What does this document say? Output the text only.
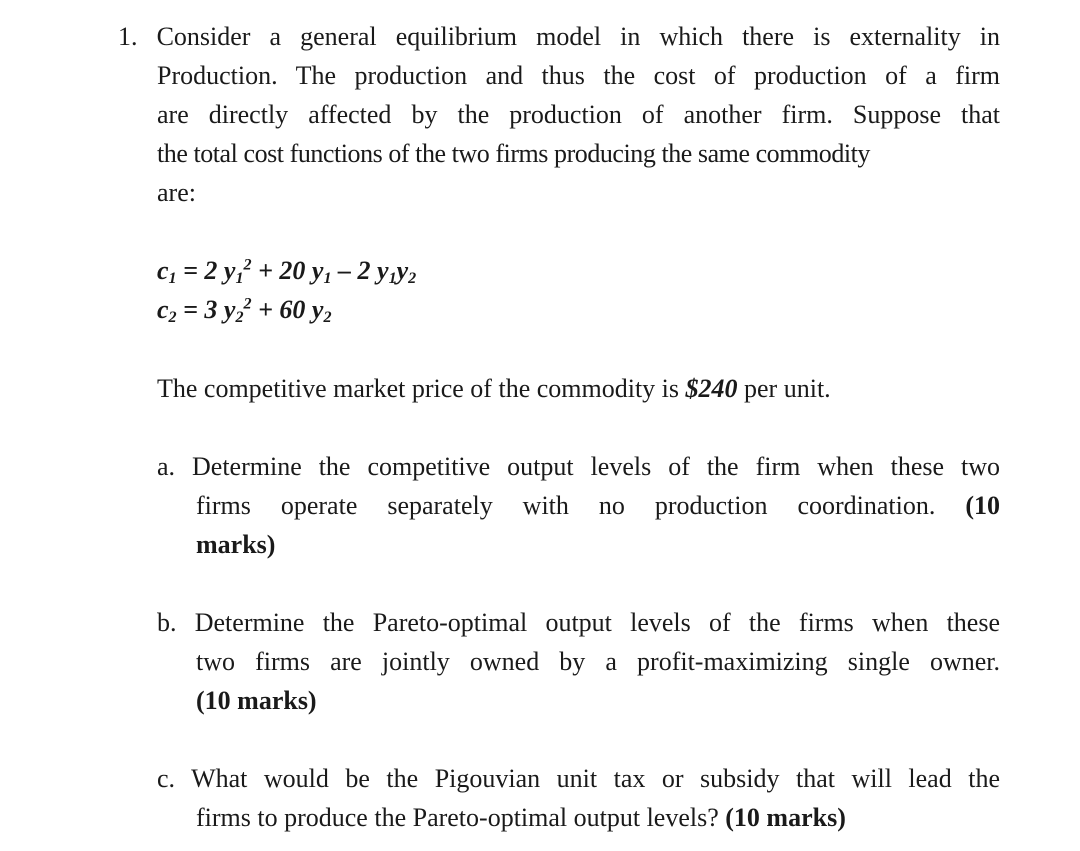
1. Consider a general equilibrium model in which there is externality in
Production. The production and thus the cost of production of a firm
are directly affected by the production of another firm. Suppose that
the total cost functions of the two firms producing the same commodity
are:
$c_1 = 2$ $y_1^2 + 20$ $y_1 - 2$ $y_1y_2$
$c_2 = 3$ $y_2^2 + 60$ $y_2$
The competitive market price of the commodity is $240 per unit.
a. Determine the competitive output levels of the firm when these two
firms operate separately with no production coordination. (10
marks)
b. Determine the Pareto-optimal output levels of the firms when these
two firms are jointly owned by a profit-maximizing single owner.
(10 marks)
c. What would be the Pigouvian unit tax or subsidy that will lead the
firms to produce the Pareto-optimal output levels? (10 marks)
